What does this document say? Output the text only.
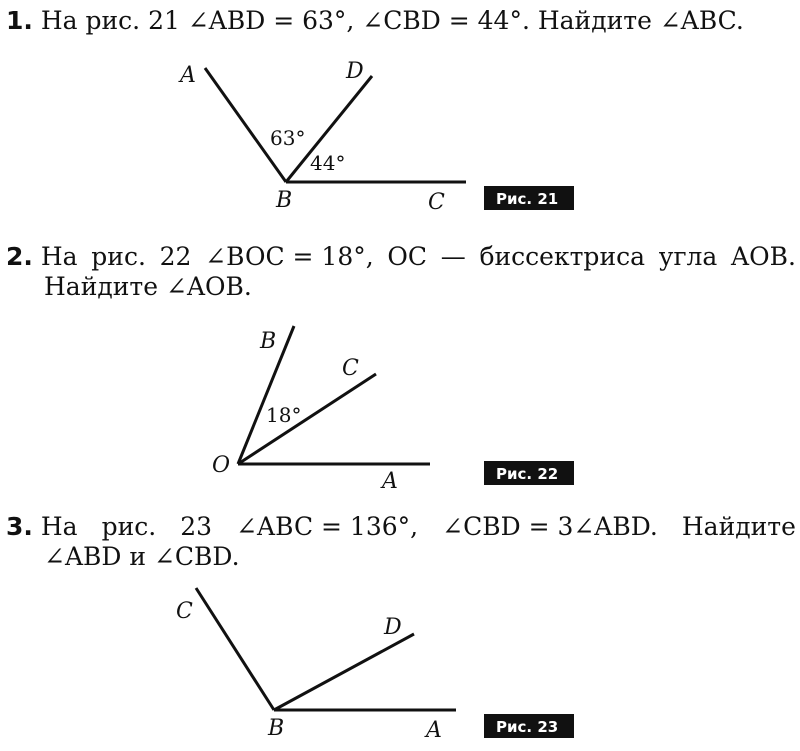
1. На рис. 21 ∠ABD = 63°, ∠CBD = 44°. Найдите ∠ABC.
A	D
B	C
63°
44°
Рис. 21
2. На рис. 22 ∠BOC = 18°, OC — биссектриса угла AOB.
Найдите ∠AOB.
B
C
O
A
18°
Рис. 22
3. На рис. 23 ∠ABC = 136°, ∠CBD = 3∠ABD. Найдите
∠ABD и ∠CBD.
C
D
B	A	Рис. 23
